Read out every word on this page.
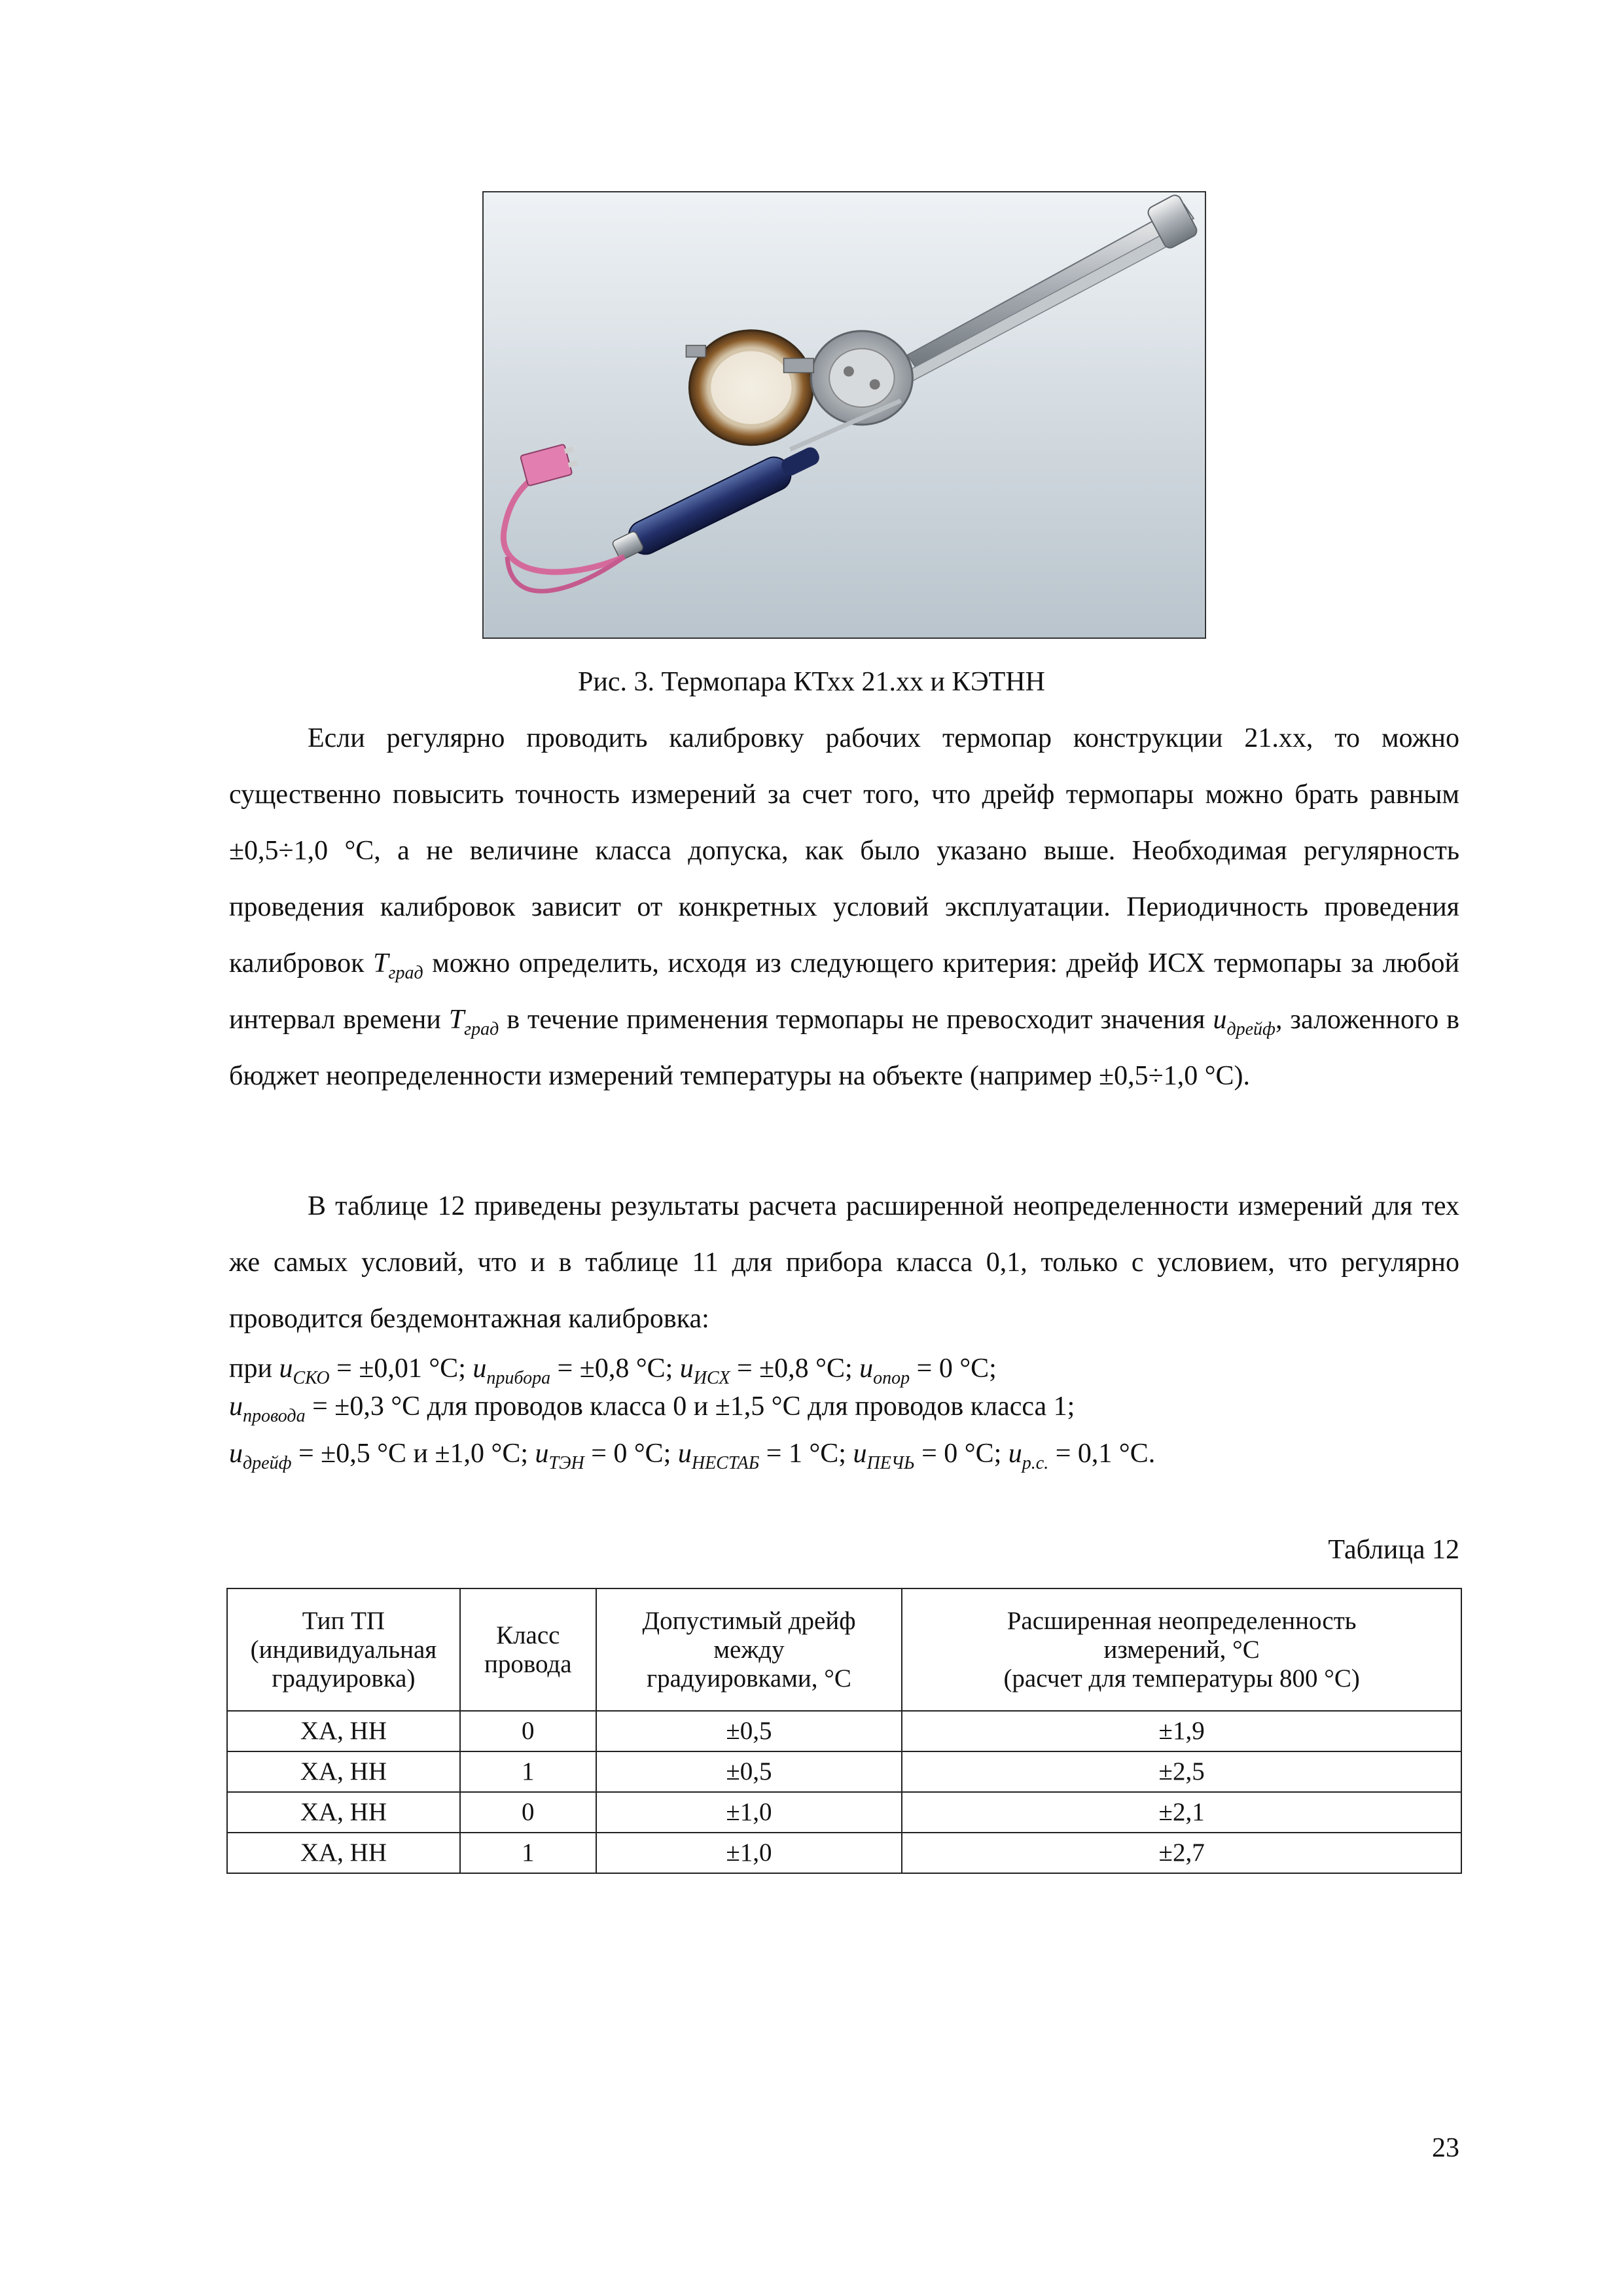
Рис. 3. Термопара КТхх 21.хх и КЭТНН
Если регулярно проводить калибровку рабочих термопар конструкции 21.хх, то можно существенно повысить точность измерений за счет того, что дрейф термопары можно брать равным ±0,5÷1,0 °С, а не величине класса допуска, как было указано выше. Необходимая регулярность проведения калибровок зависит от конкретных условий эксплуатации. Периодичность проведения калибровок $T_{град}$ можно определить, исходя из следующего критерия: дрейф ИСХ термопары за любой интервал времени $T_{град}$ в течение применения термопары не превосходит значения $u_{дрейф}$, заложенного в бюджет неопределенности измерений температуры на объекте (например ±0,5÷1,0 °С).
В таблице 12 приведены результаты расчета расширенной неопределенности измерений для тех же самых условий, что и в таблице 11 для прибора класса 0,1, только с условием, что регулярно проводится бездемонтажная калибровка:
при $u_{СКО} = \pm 0,01$ °С; $u_{прибора} = \pm 0,8$ °С; $u_{ИСХ} = \pm 0,8$ °С; $u_{опор} = 0$ °С;
$u_{провода} = \pm 0,3$ °С для проводов класса 0 и ±1,5 °С для проводов класса 1;
$u_{дрейф} = \pm 0,5$ °С и ±1,0 °С; $u_{ТЭН} = 0$ °С; $u_{НЕСТАБ} = 1$ °С; $u_{ПЕЧЬ} = 0$ °С; $u_{р.с.} = 0,1$ °С.
Таблица 12
Тип ТП
(индивидуальная
градуировка)	Класс
провода	Допустимый дрейф
между
градуировками, °С	Расширенная неопределенность
измерений, °С
(расчет для температуры 800 °С)
ХА, НН	0	±0,5	±1,9
ХА, НН	1	±0,5	±2,5
ХА, НН	0	±1,0	±2,1
ХА, НН	1	±1,0	±2,7
23
